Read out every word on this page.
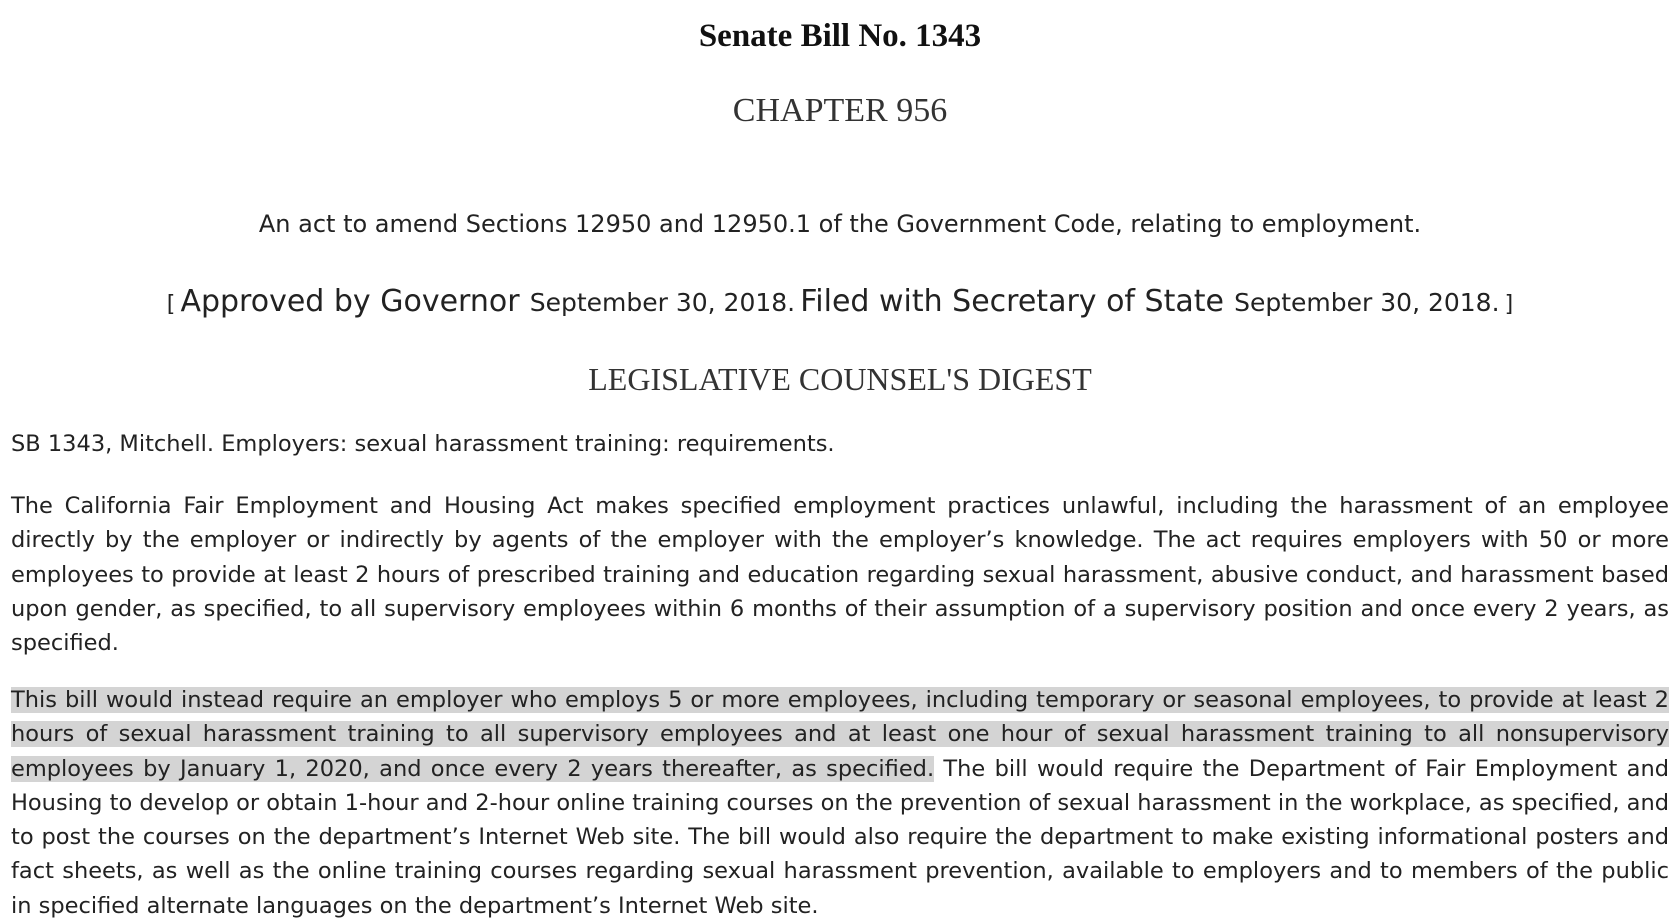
Senate Bill No. 1343
CHAPTER 956
An act to amend Sections 12950 and 12950.1 of the Government Code, relating to employment.
[ Approved by Governor September 30, 2018. Filed with Secretary of State September 30, 2018. ]
LEGISLATIVE COUNSEL'S DIGEST
SB 1343, Mitchell. Employers: sexual harassment training: requirements.

The California Fair Employment and Housing Act makes specified employment practices unlawful, including the harassment of an employee directly by the employer or indirectly by agents of the employer with the employer’s knowledge. The act requires employers with 50 or more employees to provide at least 2 hours of prescribed training and education regarding sexual harassment, abusive conduct, and harassment based upon gender, as specified, to all supervisory employees within 6 months of their assumption of a supervisory position and once every 2 years, as specified.

This bill would instead require an employer who employs 5 or more employees, including temporary or seasonal employees, to provide at least 2 hours of sexual harassment training to all supervisory employees and at least one hour of sexual harassment training to all nonsupervisory employees by January 1, 2020, and once every 2 years thereafter, as specified. The bill would require the Department of Fair Employment and Housing to develop or obtain 1-hour and 2-hour online training courses on the prevention of sexual harassment in the workplace, as specified, and to post the courses on the department’s Internet Web site. The bill would also require the department to make existing informational posters and fact sheets, as well as the online training courses regarding sexual harassment prevention, available to employers and to members of the public in specified alternate languages on the department’s Internet Web site.
